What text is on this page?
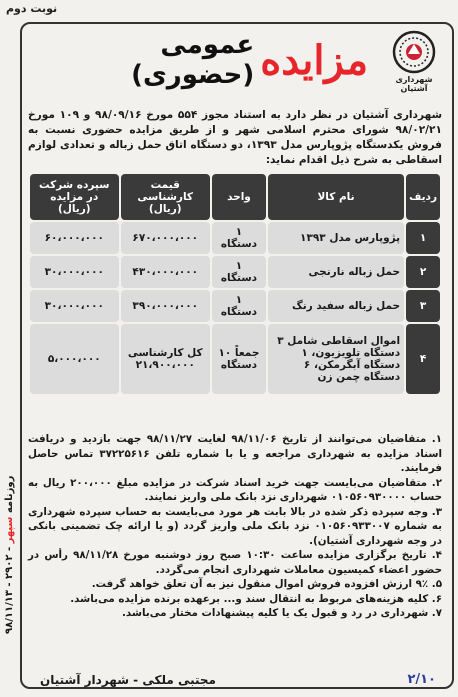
نوبت دوم
شهرداری آشتیان
مزایده
عمومی (حضوری)
شهرداری آشتیان در نظر دارد به استناد مجوز ۵۵۴ مورخ ۹۸/۰۹/۱۶ و ۱۰۹ مورخ ۹۸/۰۲/۲۱ شورای محترم اسلامی شهر و از طریق مزایده حضوری نسبت به فروش یکدستگاه پژوپارس مدل ۱۳۹۳، دو دستگاه اتاق حمل زباله و تعدادی لوازم اسقاطی به شرح ذیل اقدام نماید:
ردیف	نام کالا	واحد	قیمت کارشناسی (ریال)	سپرده شرکت در مزایده (ریال)
۱	پژوپارس مدل ۱۳۹۳	۱ دستگاه	۶۷۰،۰۰۰،۰۰۰	۶۰،۰۰۰،۰۰۰
۲	حمل زباله نارنجی	۱ دستگاه	۴۳۰،۰۰۰،۰۰۰	۳۰،۰۰۰،۰۰۰
۳	حمل زباله سفید رنگ	۱ دستگاه	۳۹۰،۰۰۰،۰۰۰	۳۰،۰۰۰،۰۰۰
۴	اموال اسقاطی شامل ۳ دستگاه تلویزیون، ۱ دستگاه آبگرمکن، ۶ دستگاه چمن زن	جمعاً ۱۰ دستگاه	کل کارشناسی ۲۱،۹۰۰،۰۰۰	۵،۰۰۰،۰۰۰

۱. متقاضیان می‌توانند از تاریخ ۹۸/۱۱/۰۶ لغایت ۹۸/۱۱/۲۷ جهت بازدید و دریافت اسناد مزایده به شهرداری مراجعه و یا با شماره تلفن ۳۷۲۲۵۶۱۶ تماس حاصل فرمایند.

۲. متقاضیان می‌بایست جهت خرید اسناد شرکت در مزایده مبلغ ۲۰۰،۰۰۰ ریال به حساب ۰۱۰۵۶۰۹۳۰۰۰۰ شهرداری نزد بانک ملی واریز نمایند.

۳. وجه سپرده ذکر شده در بالا بابت هر مورد می‌بایست به حساب سپرده شهرداری به شماره ۰۱۰۵۶۰۹۳۳۰۰۷ نزد بانک ملی واریز گردد (و یا ارائه چک تضمینی بانکی در وجه شهرداری آشتیان).

۴. تاریخ برگزاری مزایده ساعت ۱۰:۳۰ صبح روز دوشنبه مورخ ۹۸/۱۱/۲۸ رأس در حضور اعضاء کمیسیون معاملات شهرداری انجام می‌گردد.

۵. ۹٪ ارزش افزوده فروش اموال منقول نیز به آن تعلق خواهد گرفت.

۶. کلیه هزینه‌های مربوط به انتقال سند و... برعهده برنده مزایده می‌باشد.

۷. شهرداری در رد و قبول یک یا کلیه پیشنهادات مختار می‌باشد.

روزنامه سپهر - ۲۹۰۲ - ۹۸/۱۱/۱۳
۲/۱۰
مجتبی ملکی - شهردار آشتیان
